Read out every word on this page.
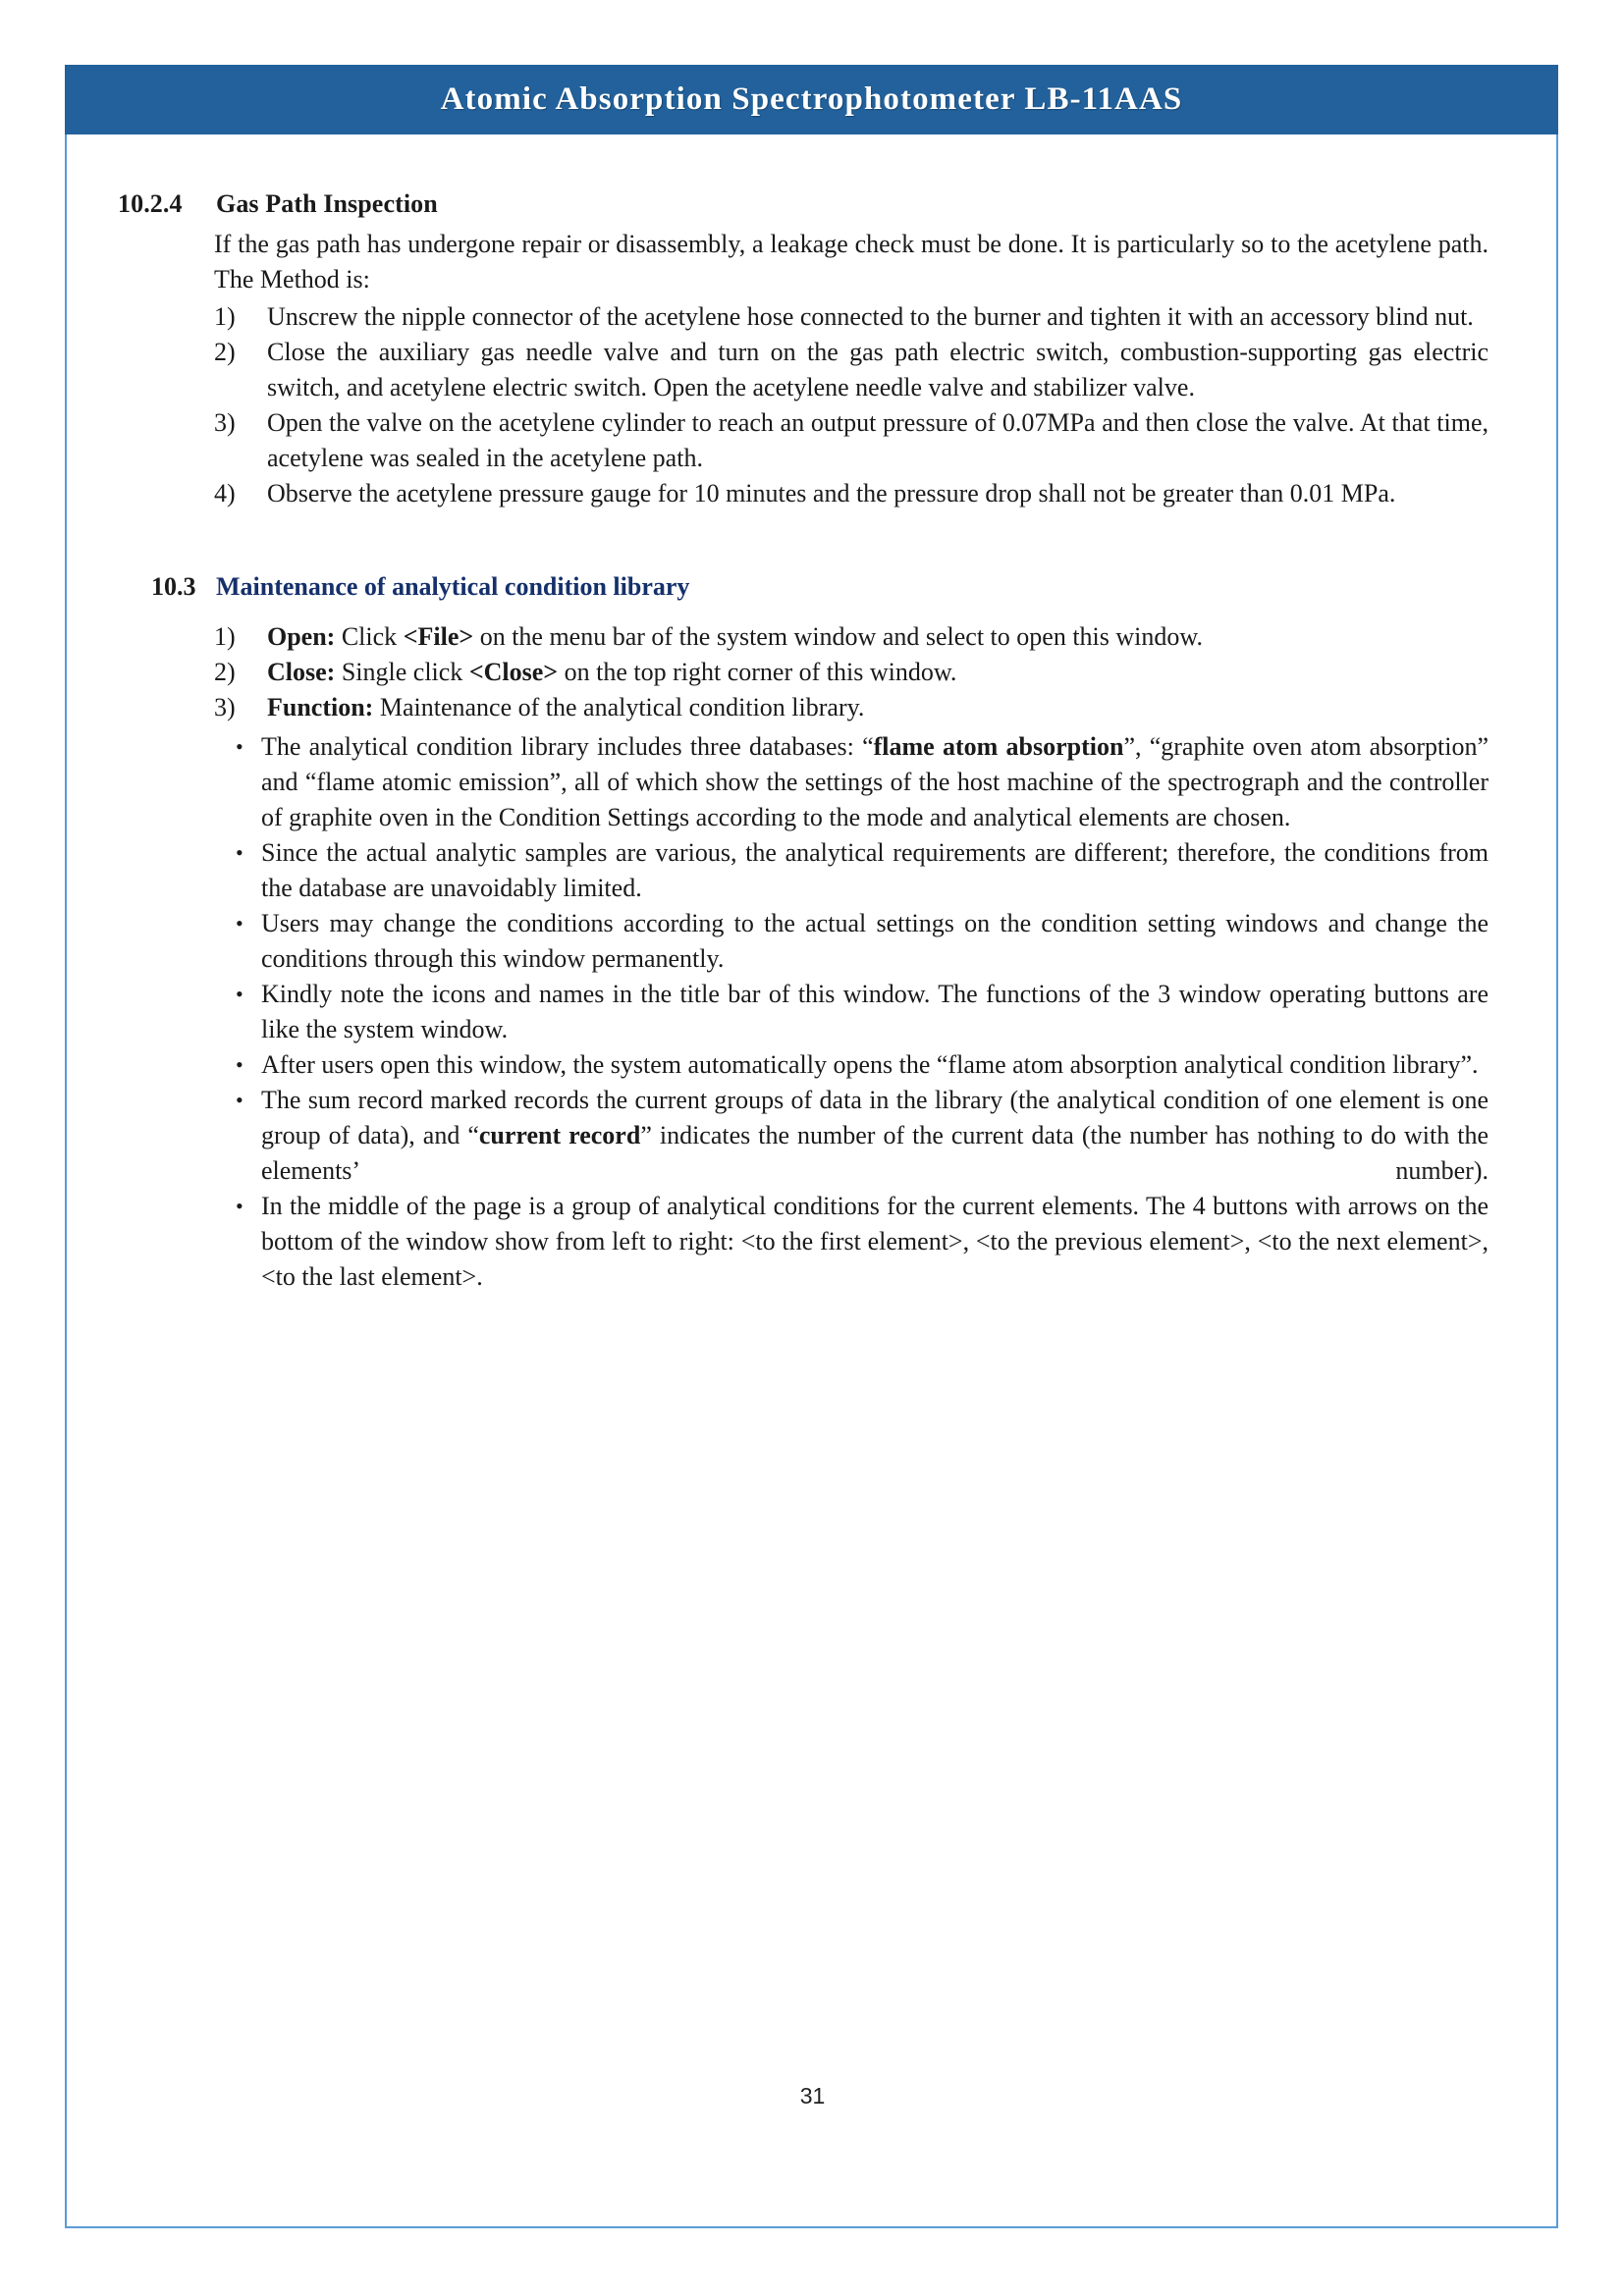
Atomic Absorption Spectrophotometer LB-11AAS
10.2.4 Gas Path Inspection
If the gas path has undergone repair or disassembly, a leakage check must be done. It is particularly so to the acetylene path. The Method is:
1)	Unscrew the nipple connector of the acetylene hose connected to the burner and tighten it with an accessory blind nut.
2)	Close the auxiliary gas needle valve and turn on the gas path electric switch, combustion-supporting gas electric switch, and acetylene electric switch. Open the acetylene needle valve and stabilizer valve.
3)	Open the valve on the acetylene cylinder to reach an output pressure of 0.07MPa and then close the valve. At that time, acetylene was sealed in the acetylene path.
4)	Observe the acetylene pressure gauge for 10 minutes and the pressure drop shall not be greater than 0.01 MPa.
10.3 Maintenance of analytical condition library
1)	Open: Click <File> on the menu bar of the system window and select to open this window.
2)	Close: Single click <Close> on the top right corner of this window.
3)	Function: Maintenance of the analytical condition library.
• The analytical condition library includes three databases: “flame atom absorption”, “graphite oven atom absorption” and “flame atomic emission”, all of which show the settings of the host machine of the spectrograph and the controller of graphite oven in the Condition Settings according to the mode and analytical elements are chosen.
• Since the actual analytic samples are various, the analytical requirements are different; therefore, the conditions from the database are unavoidably limited.
• Users may change the conditions according to the actual settings on the condition setting windows and change the conditions through this window permanently.
• Kindly note the icons and names in the title bar of this window. The functions of the 3 window operating buttons are like the system window.
• After users open this window, the system automatically opens the “flame atom absorption analytical condition library”.
• The sum record marked records the current groups of data in the library (the analytical condition of one element is one group of data), and “current record” indicates the number of the current data (the number has nothing to do with the elements’ number).
• In the middle of the page is a group of analytical conditions for the current elements. The 4 buttons with arrows on the bottom of the window show from left to right: <to the first element>, <to the previous element>, <to the next element>, <to the last element>.
31
